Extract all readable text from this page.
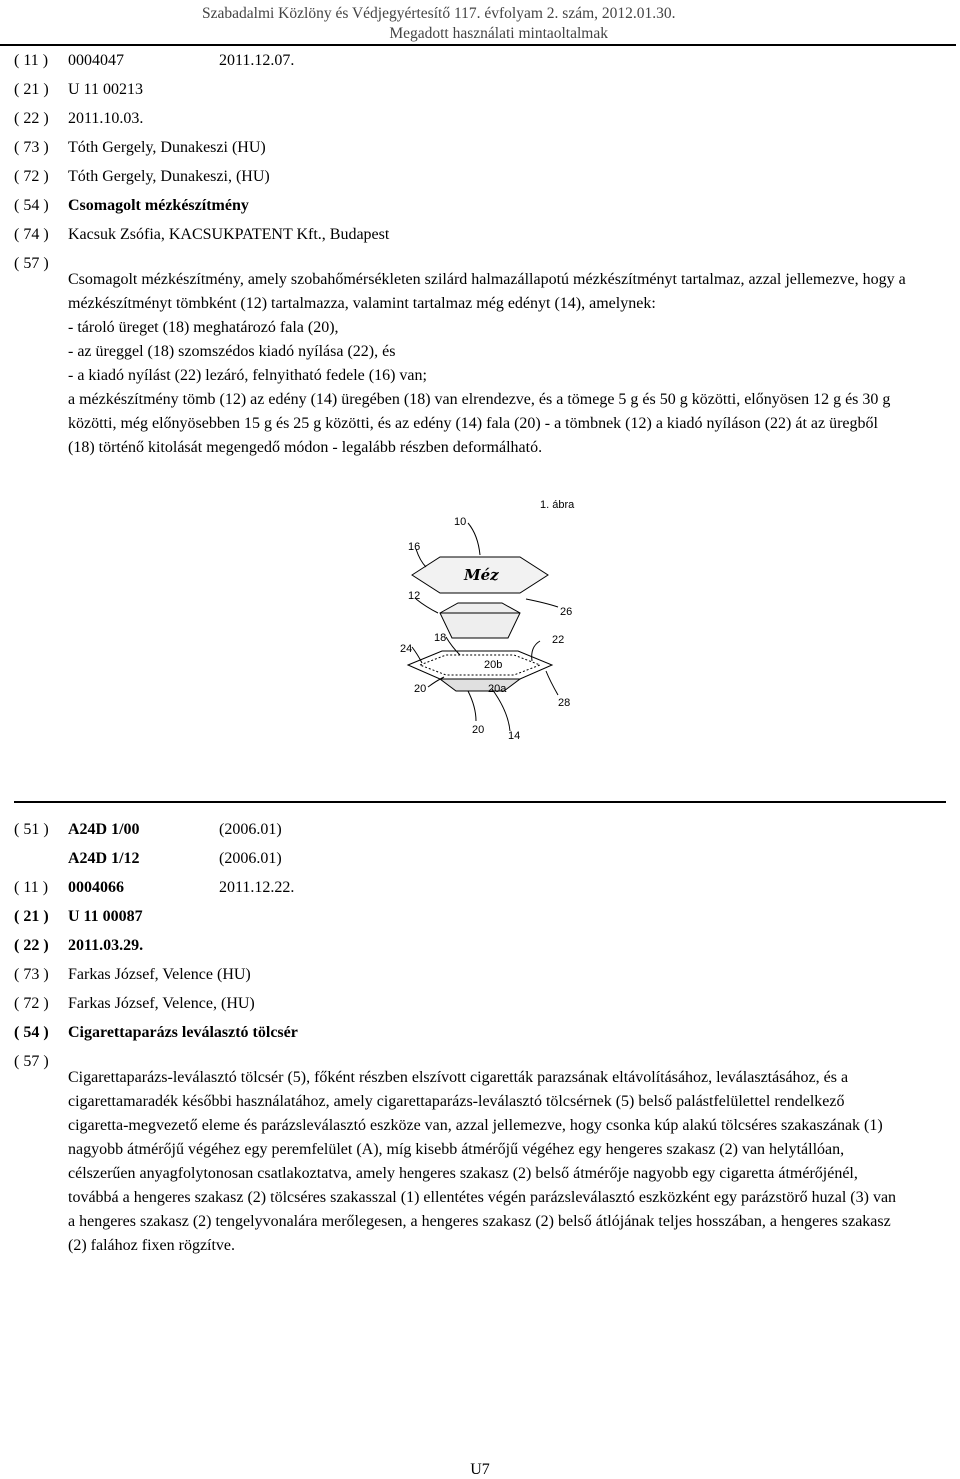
Szabadalmi Közlöny és Védjegyértesítő 117. évfolyam 2. szám, 2012.01.30.
Megadott használati mintaoltalmak
( 11 ) 0004047	2011.12.07.
( 21 ) U 11 00213
( 22 ) 2011.10.03.
( 73 ) Tóth Gergely, Dunakeszi (HU)
( 72 ) Tóth Gergely, Dunakeszi, (HU)
( 54 ) Csomagolt mézkészítmény
( 74 ) Kacsuk Zsófia, KACSUKPATENT Kft., Budapest
( 57 )

Csomagolt mézkészítmény, amely szobahőmérsékleten szilárd halmazállapotú mézkészítményt tartalmaz, azzal jellemezve, hogy a mézkészítményt tömbként (12) tartalmazza, valamint tartalmaz még edényt (14), amelynek:

- tároló üreget (18) meghatározó fala (20),

- az üreggel (18) szomszédos kiadó nyílása (22), és

- a kiadó nyílást (22) lezáró, felnyitható fedele (16) van;

a mézkészítmény tömb (12) az edény (14) üregében (18) van elrendezve, és a tömege 5 g és 50 g közötti, előnyösen 12 g és 30 g közötti, még előnyösebben 15 g és 25 g közötti, és az edény (14) fala (20) - a tömbnek (12) a kiadó nyíláson (22) át az üregből (18) történő kitolását megengedő módon - legalább részben deformálható.

1. ábra
Méz
10
16
12
26
18	22
24
20b
20	20a
28
20 14
( 51 ) A24D 1/00	(2006.01)
A24D 1/12	(2006.01)
( 11 ) 0004066	2011.12.22.
( 21 ) U 11 00087
( 22 ) 2011.03.29.
( 73 ) Farkas József, Velence (HU)
( 72 ) Farkas József, Velence, (HU)
( 54 ) Cigarettaparázs leválasztó tölcsér
( 57 )

Cigarettaparázs-leválasztó tölcsér (5), főként részben elszívott cigaretták parazsának eltávolításához, leválasztásához, és a cigarettamaradék későbbi használatához, amely cigarettaparázs-leválasztó tölcsérnek (5) belső palástfelülettel rendelkező cigaretta-megvezető eleme és parázsleválasztó eszköze van, azzal jellemezve, hogy csonka kúp alakú tölcséres szakaszának (1) nagyobb átmérőjű végéhez egy peremfelület (A), míg kisebb átmérőjű végéhez egy hengeres szakasz (2) van helytállóan, célszerűen anyagfolytonosan csatlakoztatva, amely hengeres szakasz (2) belső átmérője nagyobb egy cigaretta átmérőjénél, továbbá a hengeres szakasz (2) tölcséres szakasszal (1) ellentétes végén parázsleválasztó eszközként egy parázstörő huzal (3) van a hengeres szakasz (2) tengelyvonalára merőlegesen, a hengeres szakasz (2) belső átlójának teljes hosszában, a hengeres szakasz (2) falához fixen rögzítve.

U7
